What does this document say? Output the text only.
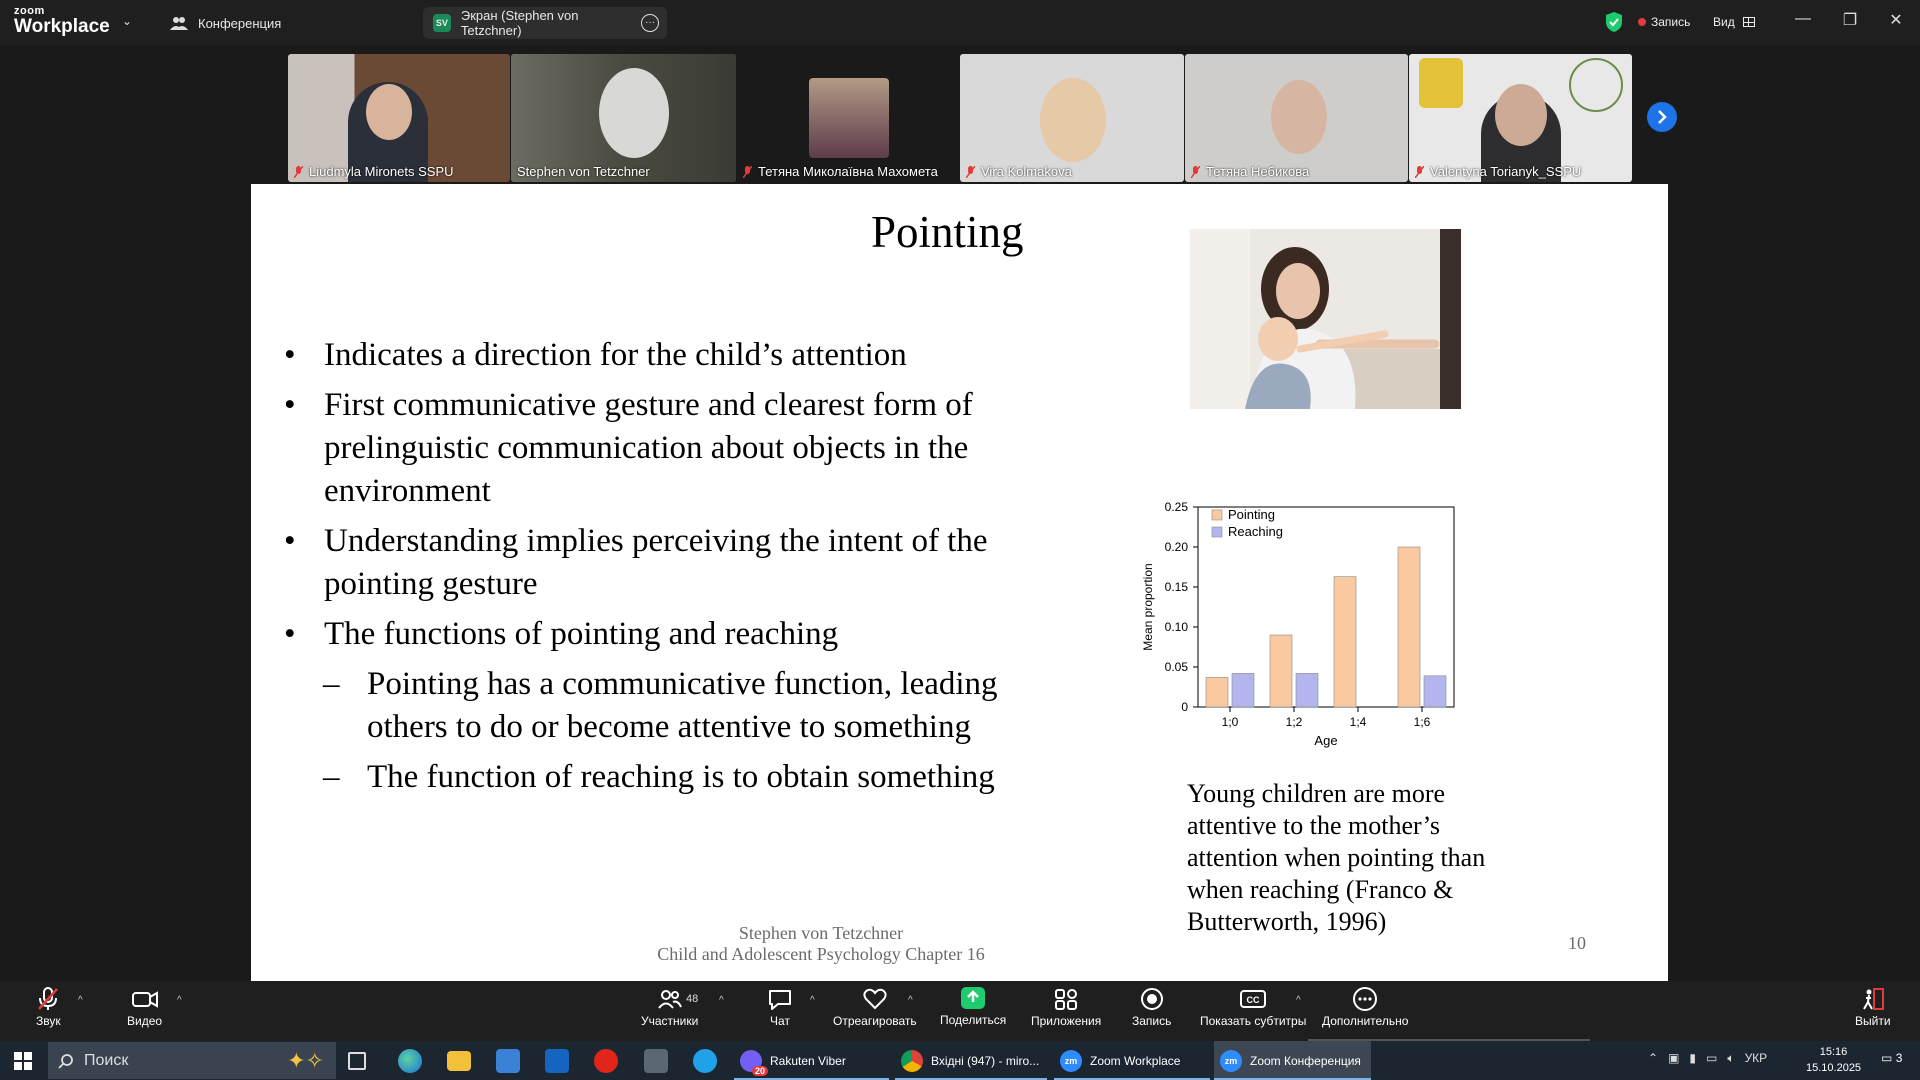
zoom
Workplace ⌄	Конференция	SV Экран (Stephen von Tetzchner)
···	Запись Вид	— ❐ ✕
Liudmyla Mironets SSPU	Stephen von Tetzchner	Тетяна Миколаївна Махомета	Vira Kolmakova	Тетяна Небикова	Valentyna Torianyk_SSPU
Pointing
• Indicates a direction for the child’s attention
• First communicative gesture and clearest form of prelinguistic communication about objects in the environment
• Understanding implies perceiving the intent of the pointing gesture
• The functions of pointing and reaching
– Pointing has a communicative function, leading others to do or become attentive to something
– The function of reaching is to obtain something
0
0.05
0.10
0.15
0.20
0.25
1;0	1;2	1;4	1;6
Age
Mean proportion
Pointing
Reaching
Young children are more attentive to the mother’s attention when pointing than when reaching (Franco & Butterworth, 1996)
Stephen von Tetzchner
Child and Adolescent Psychology Chapter 16
10
Звук
^
Видео
^
Участники
48 ^
Чат
^
Отреагировать
^
Поделиться Приложения	Запись
CC
Показать субтитры
^
Дополнительно	Выйти
Поиск	✦✧	20
Rakuten Viber	Вхідні (947) - miro...	zm	Zoom Workplace	zm	Zoom Конференция	⌃ ▣ ▮ ▭ 🔈︎ УКР	15:16
15.10.2025
▭ 3
